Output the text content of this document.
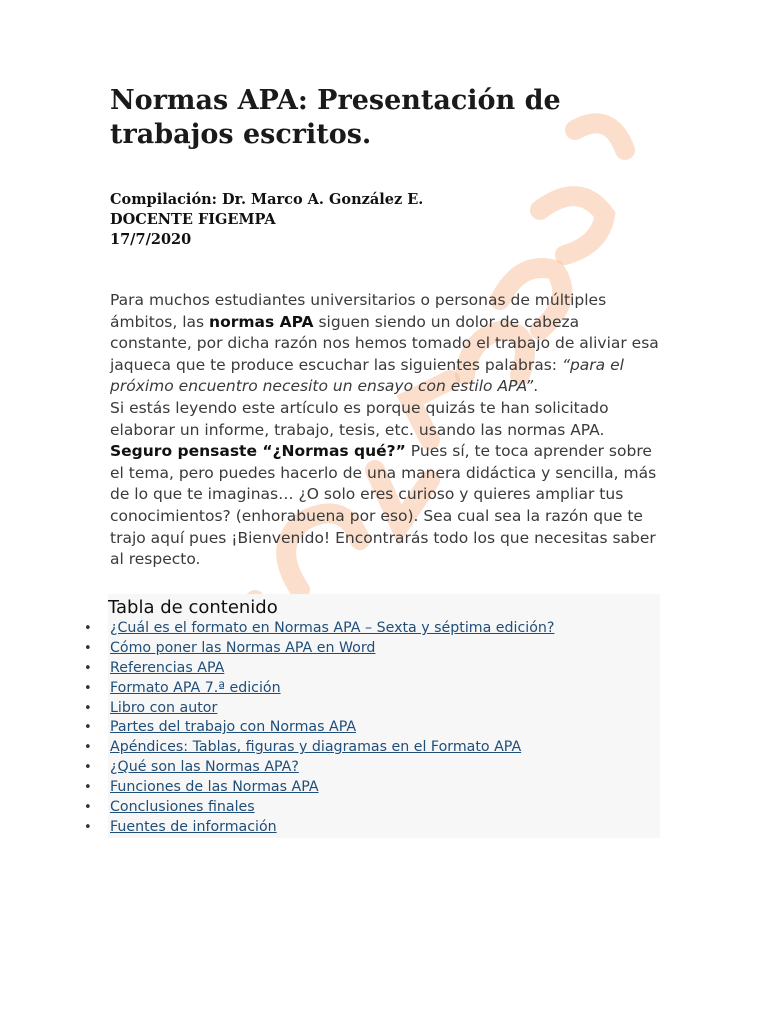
Normas APA: Presentación de
trabajos escritos.
Compilación: Dr. Marco A. González E.
DOCENTE FIGEMPA
17/7/2020
Para muchos estudiantes universitarios o personas de múltiples ámbitos, las normas APA siguen siendo un dolor de cabeza constante, por dicha razón nos hemos tomado el trabajo de aliviar esa jaqueca que te produce escuchar las siguientes palabras: “para el próximo encuentro necesito un ensayo con estilo APA”.
Si estás leyendo este artículo es porque quizás te han solicitado elaborar un informe, trabajo, tesis, etc. usando las normas APA. Seguro pensaste “¿Normas qué?” Pues sí, te toca aprender sobre el tema, pero puedes hacerlo de una manera didáctica y sencilla, más de lo que te imaginas… ¿O solo eres curioso y quieres ampliar tus conocimientos? (enhorabuena por eso). Sea cual sea la razón que te trajo aquí pues ¡Bienvenido! Encontrarás todo los que necesitas saber al respecto.
Tabla de contenido
• ¿Cuál es el formato en Normas APA – Sexta y séptima edición?
• Cómo poner las Normas APA en Word
• Referencias APA
• Formato APA 7.ª edición
• Libro con autor
• Partes del trabajo con Normas APA
• Apéndices: Tablas, figuras y diagramas en el Formato APA
• ¿Qué son las Normas APA?
• Funciones de las Normas APA
• Conclusiones finales
• Fuentes de información
